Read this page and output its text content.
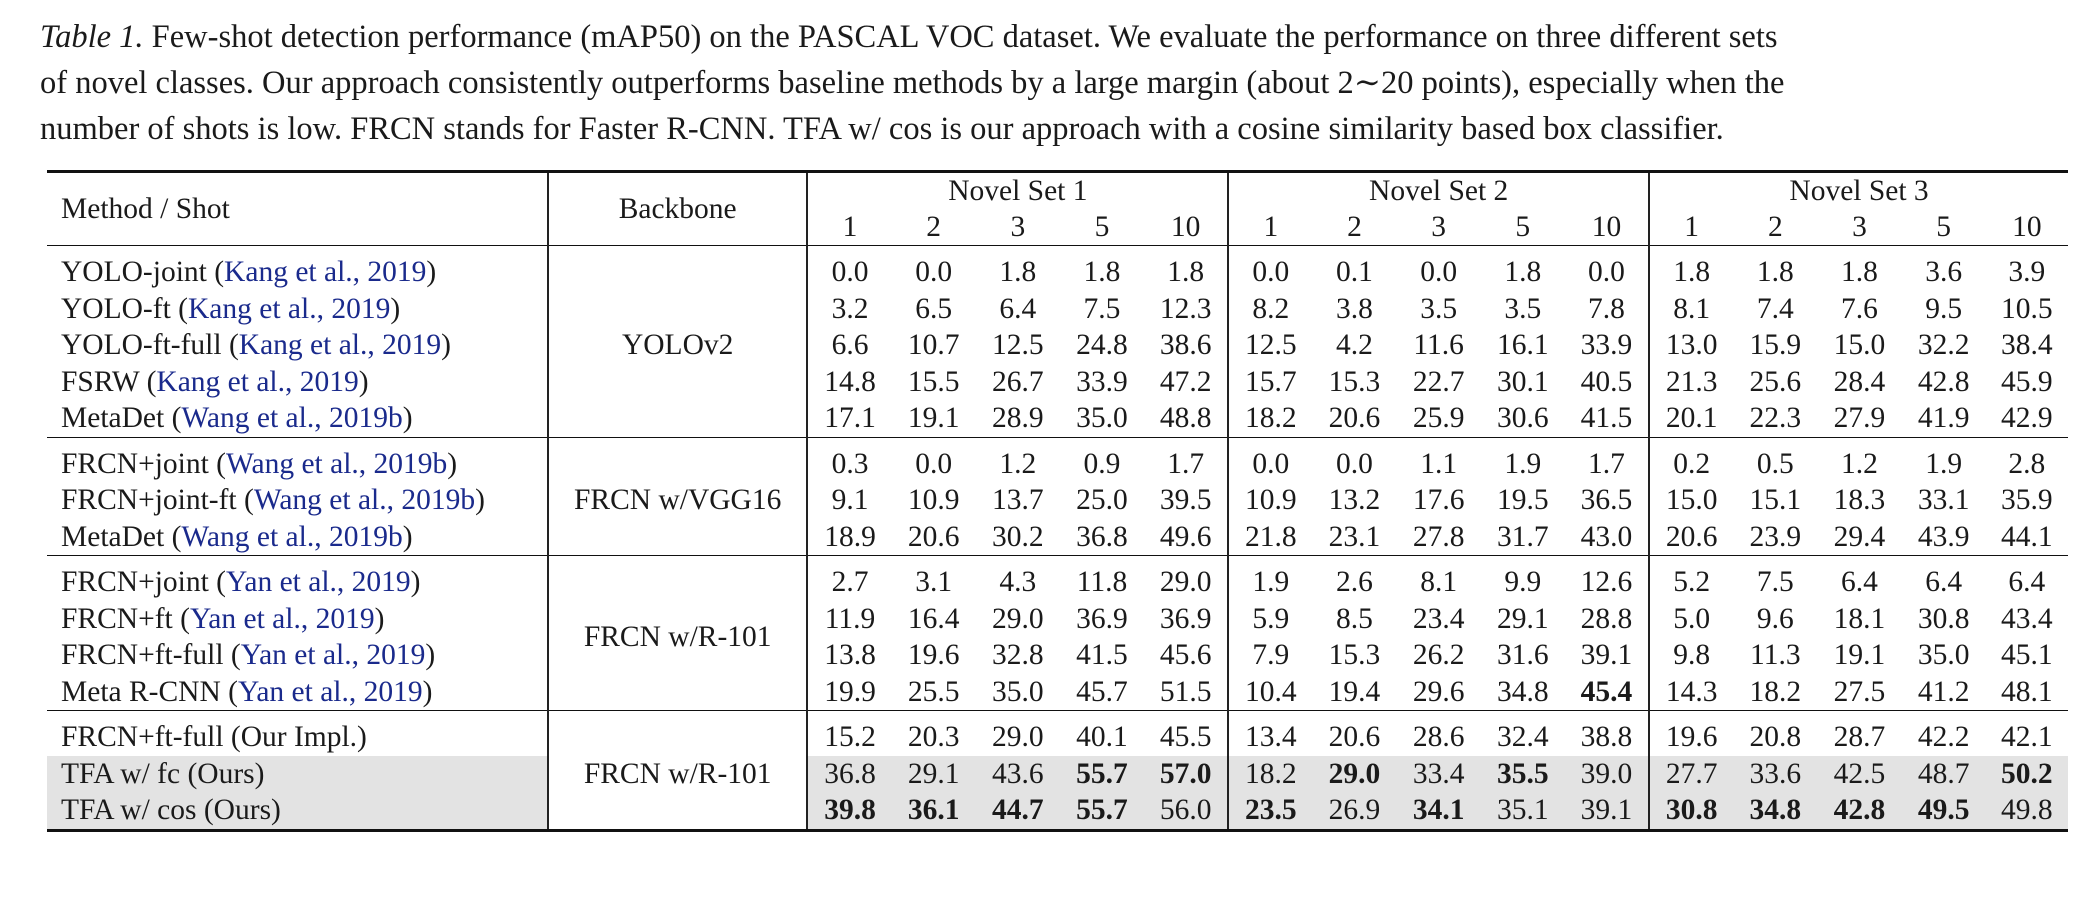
Table 1. Few-shot detection performance (mAP50) on the PASCAL VOC dataset. We evaluate the performance on three different sets
of novel classes. Our approach consistently outperforms baseline methods by a large margin (about 2∼20 points), especially when the
number of shots is low. FRCN stands for Faster R-CNN. TFA w/ cos is our approach with a cosine similarity based box classifier.
Method / Shot	Backbone	Novel Set 1					Novel Set 2					Novel Set 3				
		1	2	3	5	10	1	2	3	5	10	1	2	3	5	10

YOLO-joint (Kang et al., 2019)	YOLOv2	0.0	0.0	1.8	1.8	1.8	0.0	0.1	0.0	1.8	0.0	1.8	1.8	1.8	3.6	3.9
YOLO-ft (Kang et al., 2019)		3.2	6.5	6.4	7.5	12.3	8.2	3.8	3.5	3.5	7.8	8.1	7.4	7.6	9.5	10.5
YOLO-ft-full (Kang et al., 2019)		6.6	10.7	12.5	24.8	38.6	12.5	4.2	11.6	16.1	33.9	13.0	15.9	15.0	32.2	38.4
FSRW (Kang et al., 2019)		14.8	15.5	26.7	33.9	47.2	15.7	15.3	22.7	30.1	40.5	21.3	25.6	28.4	42.8	45.9
MetaDet (Wang et al., 2019b)		17.1	19.1	28.9	35.0	48.8	18.2	20.6	25.9	30.6	41.5	20.1	22.3	27.9	41.9	42.9

FRCN+joint (Wang et al., 2019b)	FRCN w/VGG16	0.3	0.0	1.2	0.9	1.7	0.0	0.0	1.1	1.9	1.7	0.2	0.5	1.2	1.9	2.8
FRCN+joint-ft (Wang et al., 2019b)		9.1	10.9	13.7	25.0	39.5	10.9	13.2	17.6	19.5	36.5	15.0	15.1	18.3	33.1	35.9
MetaDet (Wang et al., 2019b)		18.9	20.6	30.2	36.8	49.6	21.8	23.1	27.8	31.7	43.0	20.6	23.9	29.4	43.9	44.1

FRCN+joint (Yan et al., 2019)	FRCN w/R-101	2.7	3.1	4.3	11.8	29.0	1.9	2.6	8.1	9.9	12.6	5.2	7.5	6.4	6.4	6.4
FRCN+ft (Yan et al., 2019)		11.9	16.4	29.0	36.9	36.9	5.9	8.5	23.4	29.1	28.8	5.0	9.6	18.1	30.8	43.4
FRCN+ft-full (Yan et al., 2019)		13.8	19.6	32.8	41.5	45.6	7.9	15.3	26.2	31.6	39.1	9.8	11.3	19.1	35.0	45.1
Meta R-CNN (Yan et al., 2019)		19.9	25.5	35.0	45.7	51.5	10.4	19.4	29.6	34.8	45.4	14.3	18.2	27.5	41.2	48.1

FRCN+ft-full (Our Impl.)	FRCN w/R-101	15.2	20.3	29.0	40.1	45.5	13.4	20.6	28.6	32.4	38.8	19.6	20.8	28.7	42.2	42.1
TFA w/ fc (Ours)		36.8	29.1	43.6	55.7	57.0	18.2	29.0	33.4	35.5	39.0	27.7	33.6	42.5	48.7	50.2
TFA w/ cos (Ours)		39.8	36.1	44.7	55.7	56.0	23.5	26.9	34.1	35.1	39.1	30.8	34.8	42.8	49.5	49.8
